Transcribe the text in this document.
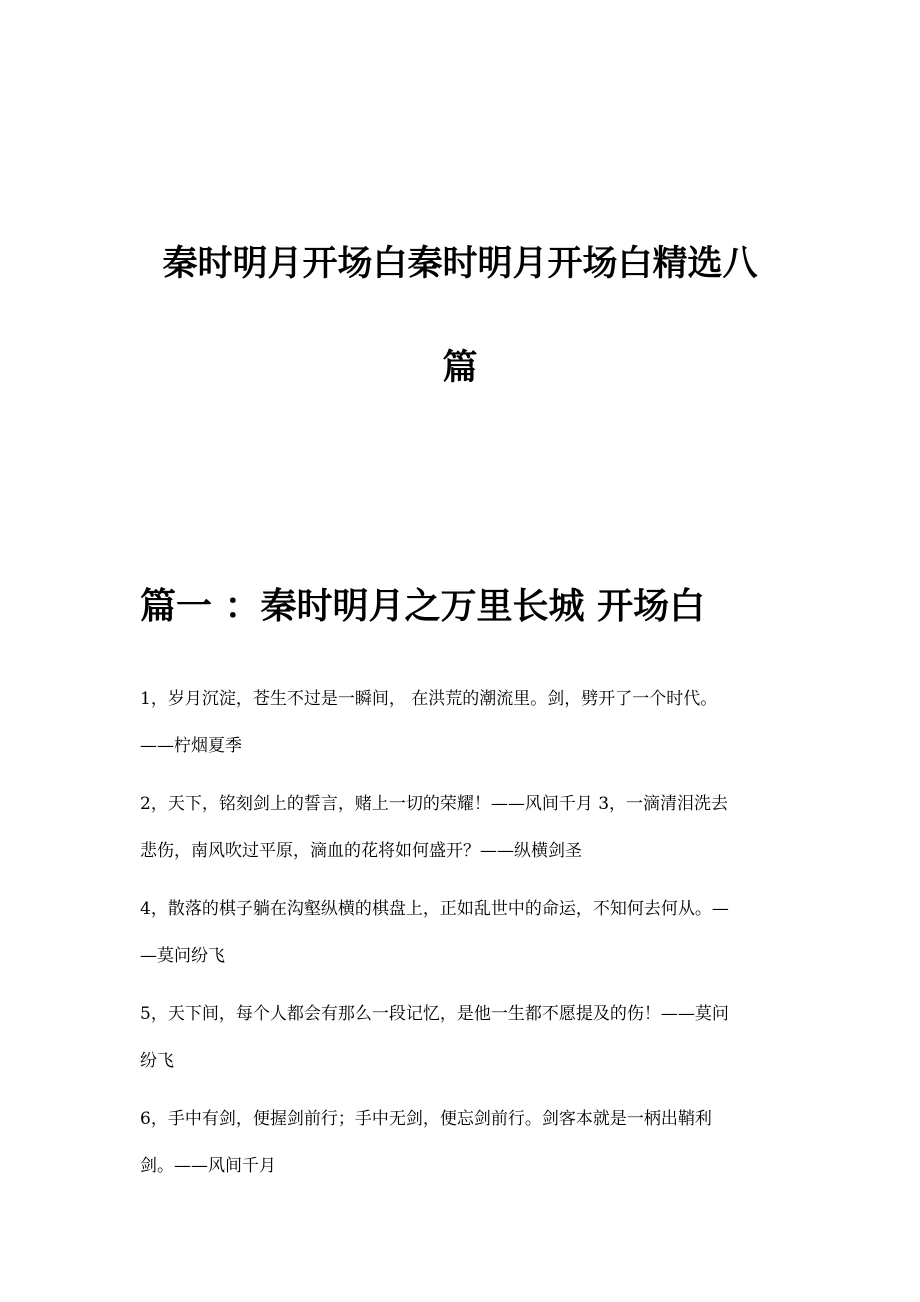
秦时明月开场白秦时明月开场白精选八
篇
篇一 ：秦时明月之万里长城 开场白

1，岁月沉淀，苍生不过是一瞬间， 在洪荒的潮流里。剑，劈开了一个时代。
——柠烟夏季

2，天下，铭刻剑上的誓言，赌上一切的荣耀！——风间千月 3，一滴清泪洗去
悲伤，南风吹过平原，滴血的花将如何盛开？——纵横剑圣

4，散落的棋子躺在沟壑纵横的棋盘上，正如乱世中的命运，不知何去何从。—
—莫问纷飞

5，天下间，每个人都会有那么一段记忆，是他一生都不愿提及的伤！——莫问
纷飞

6，手中有剑，便握剑前行；手中无剑，便忘剑前行。剑客本就是一柄出鞘利
剑。——风间千月
